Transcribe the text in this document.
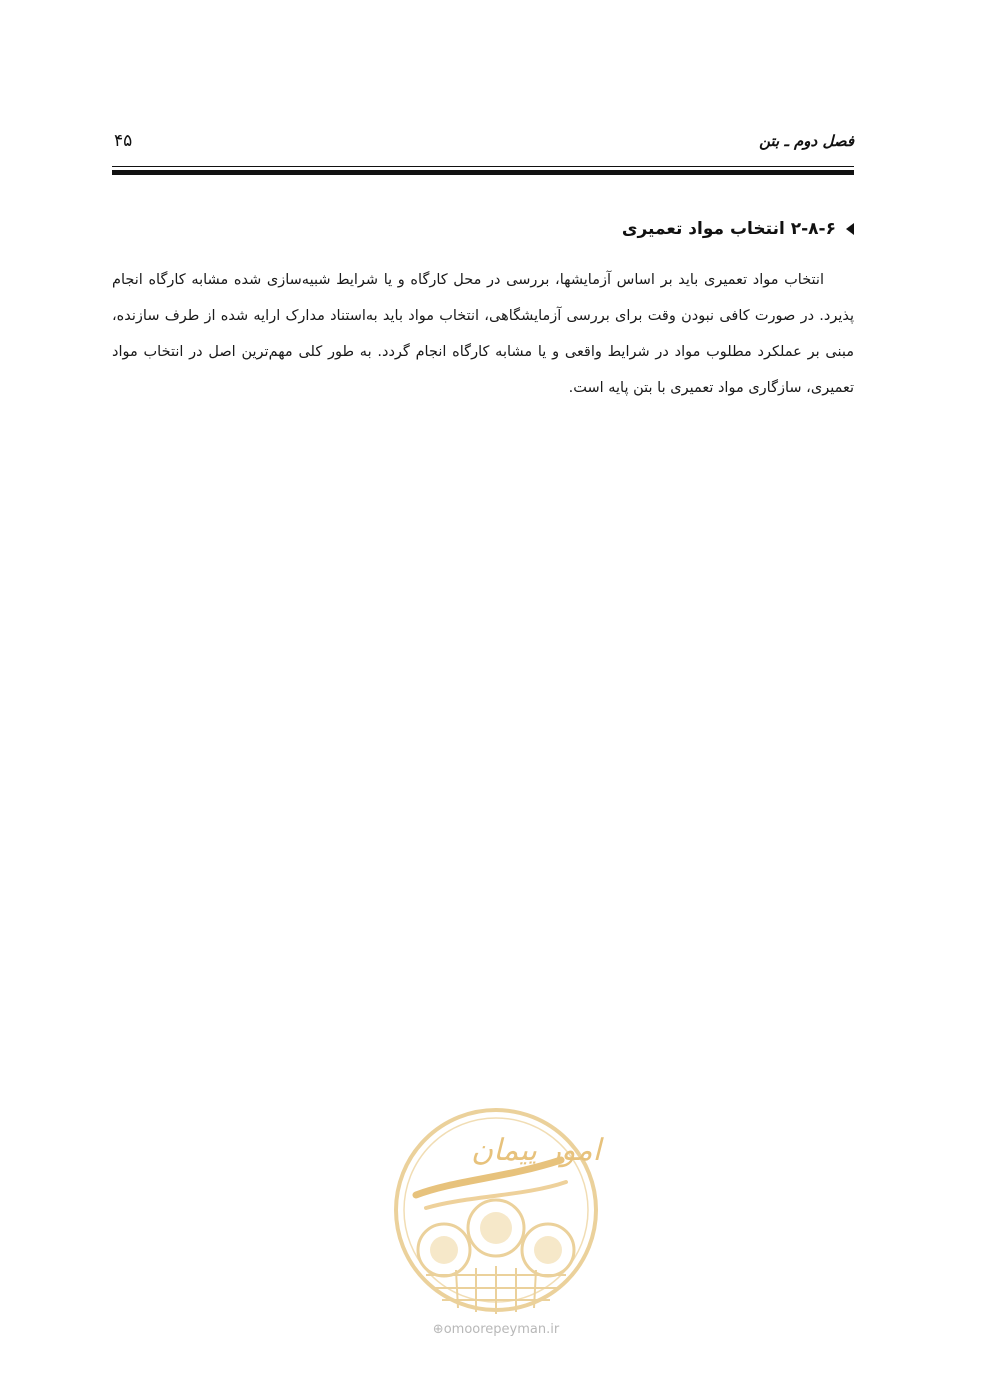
فصل دوم ـ بتن
۴۵
۲-۸-۶ انتخاب مواد تعمیری

انتخاب مواد تعمیری باید بر اساس آزمایشها، بررسی در محل کارگاه و یا شرایط شبیه‌سازی شده مشابه کارگاه انجام پذیرد. در صورت کافی نبودن وقت برای بررسی آزمایشگاهی، انتخاب مواد باید به‌استناد مدارک ارایه شده از طرف سازنده، مبنی بر عملکرد مطلوب مواد در شرایط واقعی و یا مشابه کارگاه انجام گردد. به طور کلی مهم‌ترین اصل در انتخاب مواد تعمیری، سازگاری مواد تعمیری با بتن پایه است.

امور پیمان
⊕omoorepeyman.ir
